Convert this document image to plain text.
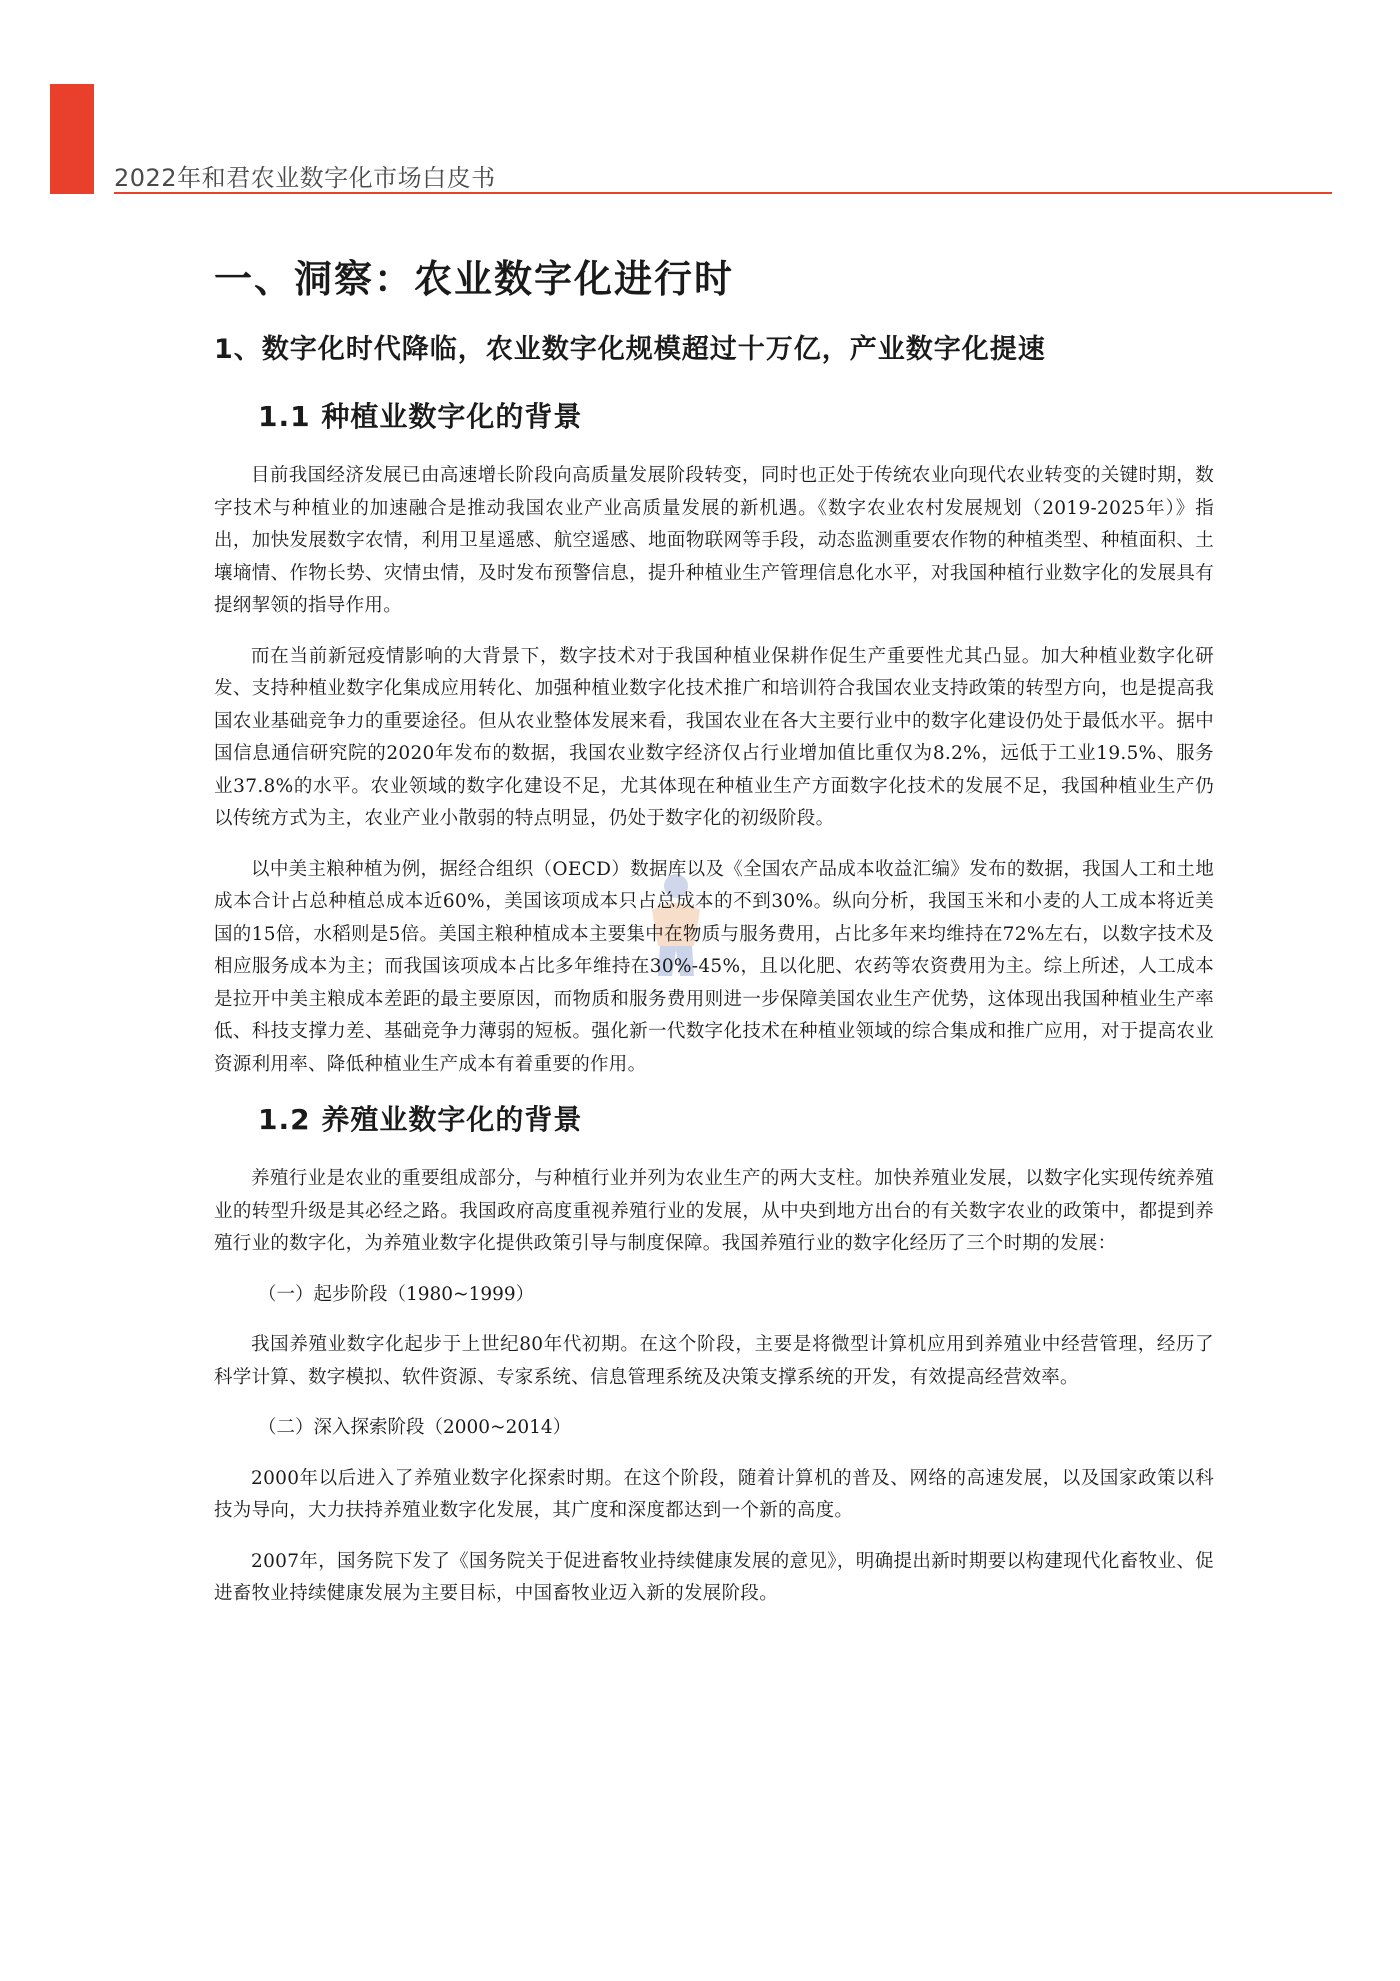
2022年和君农业数字化市场白皮书
一、洞察：农业数字化进行时
1、数字化时代降临，农业数字化规模超过十万亿，产业数字化提速
1.1 种植业数字化的背景

目前我国经济发展已由高速增长阶段向高质量发展阶段转变，同时也正处于传统农业向现代农业转变的关键时期，数字技术与种植业的加速融合是推动我国农业产业高质量发展的新机遇。《数字农业农村发展规划（2019-2025年）》指出，加快发展数字农情，利用卫星遥感、航空遥感、地面物联网等手段，动态监测重要农作物的种植类型、种植面积、土壤墒情、作物长势、灾情虫情，及时发布预警信息，提升种植业生产管理信息化水平，对我国种植行业数字化的发展具有提纲挈领的指导作用。

而在当前新冠疫情影响的大背景下，数字技术对于我国种植业保耕作促生产重要性尤其凸显。加大种植业数字化研发、支持种植业数字化集成应用转化、加强种植业数字化技术推广和培训符合我国农业支持政策的转型方向，也是提高我国农业基础竞争力的重要途径。但从农业整体发展来看，我国农业在各大主要行业中的数字化建设仍处于最低水平。据中国信息通信研究院的2020年发布的数据，我国农业数字经济仅占行业增加值比重仅为8.2%，远低于工业19.5%、服务业37.8%的水平。农业领域的数字化建设不足，尤其体现在种植业生产方面数字化技术的发展不足，我国种植业生产仍以传统方式为主，农业产业小散弱的特点明显，仍处于数字化的初级阶段。

以中美主粮种植为例，据经合组织（OECD）数据库以及《全国农产品成本收益汇编》发布的数据，我国人工和土地成本合计占总种植总成本近60%，美国该项成本只占总成本的不到30%。纵向分析，我国玉米和小麦的人工成本将近美国的15倍，水稻则是5倍。美国主粮种植成本主要集中在物质与服务费用，占比多年来均维持在72%左右，以数字技术及相应服务成本为主；而我国该项成本占比多年维持在30%-45%，且以化肥、农药等农资费用为主。综上所述，人工成本是拉开中美主粮成本差距的最主要原因，而物质和服务费用则进一步保障美国农业生产优势，这体现出我国种植业生产率低、科技支撑力差、基础竞争力薄弱的短板。强化新一代数字化技术在种植业领域的综合集成和推广应用，对于提高农业资源利用率、降低种植业生产成本有着重要的作用。

1.2 养殖业数字化的背景

养殖行业是农业的重要组成部分，与种植行业并列为农业生产的两大支柱。加快养殖业发展，以数字化实现传统养殖业的转型升级是其必经之路。我国政府高度重视养殖行业的发展，从中央到地方出台的有关数字农业的政策中，都提到养殖行业的数字化，为养殖业数字化提供政策引导与制度保障。我国养殖行业的数字化经历了三个时期的发展：

（一）起步阶段（1980~1999）

我国养殖业数字化起步于上世纪80年代初期。在这个阶段，主要是将微型计算机应用到养殖业中经营管理，经历了科学计算、数字模拟、软件资源、专家系统、信息管理系统及决策支撑系统的开发，有效提高经营效率。

（二）深入探索阶段（2000~2014）

2000年以后进入了养殖业数字化探索时期。在这个阶段，随着计算机的普及、网络的高速发展，以及国家政策以科技为导向，大力扶持养殖业数字化发展，其广度和深度都达到一个新的高度。

2007年，国务院下发了《国务院关于促进畜牧业持续健康发展的意见》，明确提出新时期要以构建现代化畜牧业、促进畜牧业持续健康发展为主要目标，中国畜牧业迈入新的发展阶段。
